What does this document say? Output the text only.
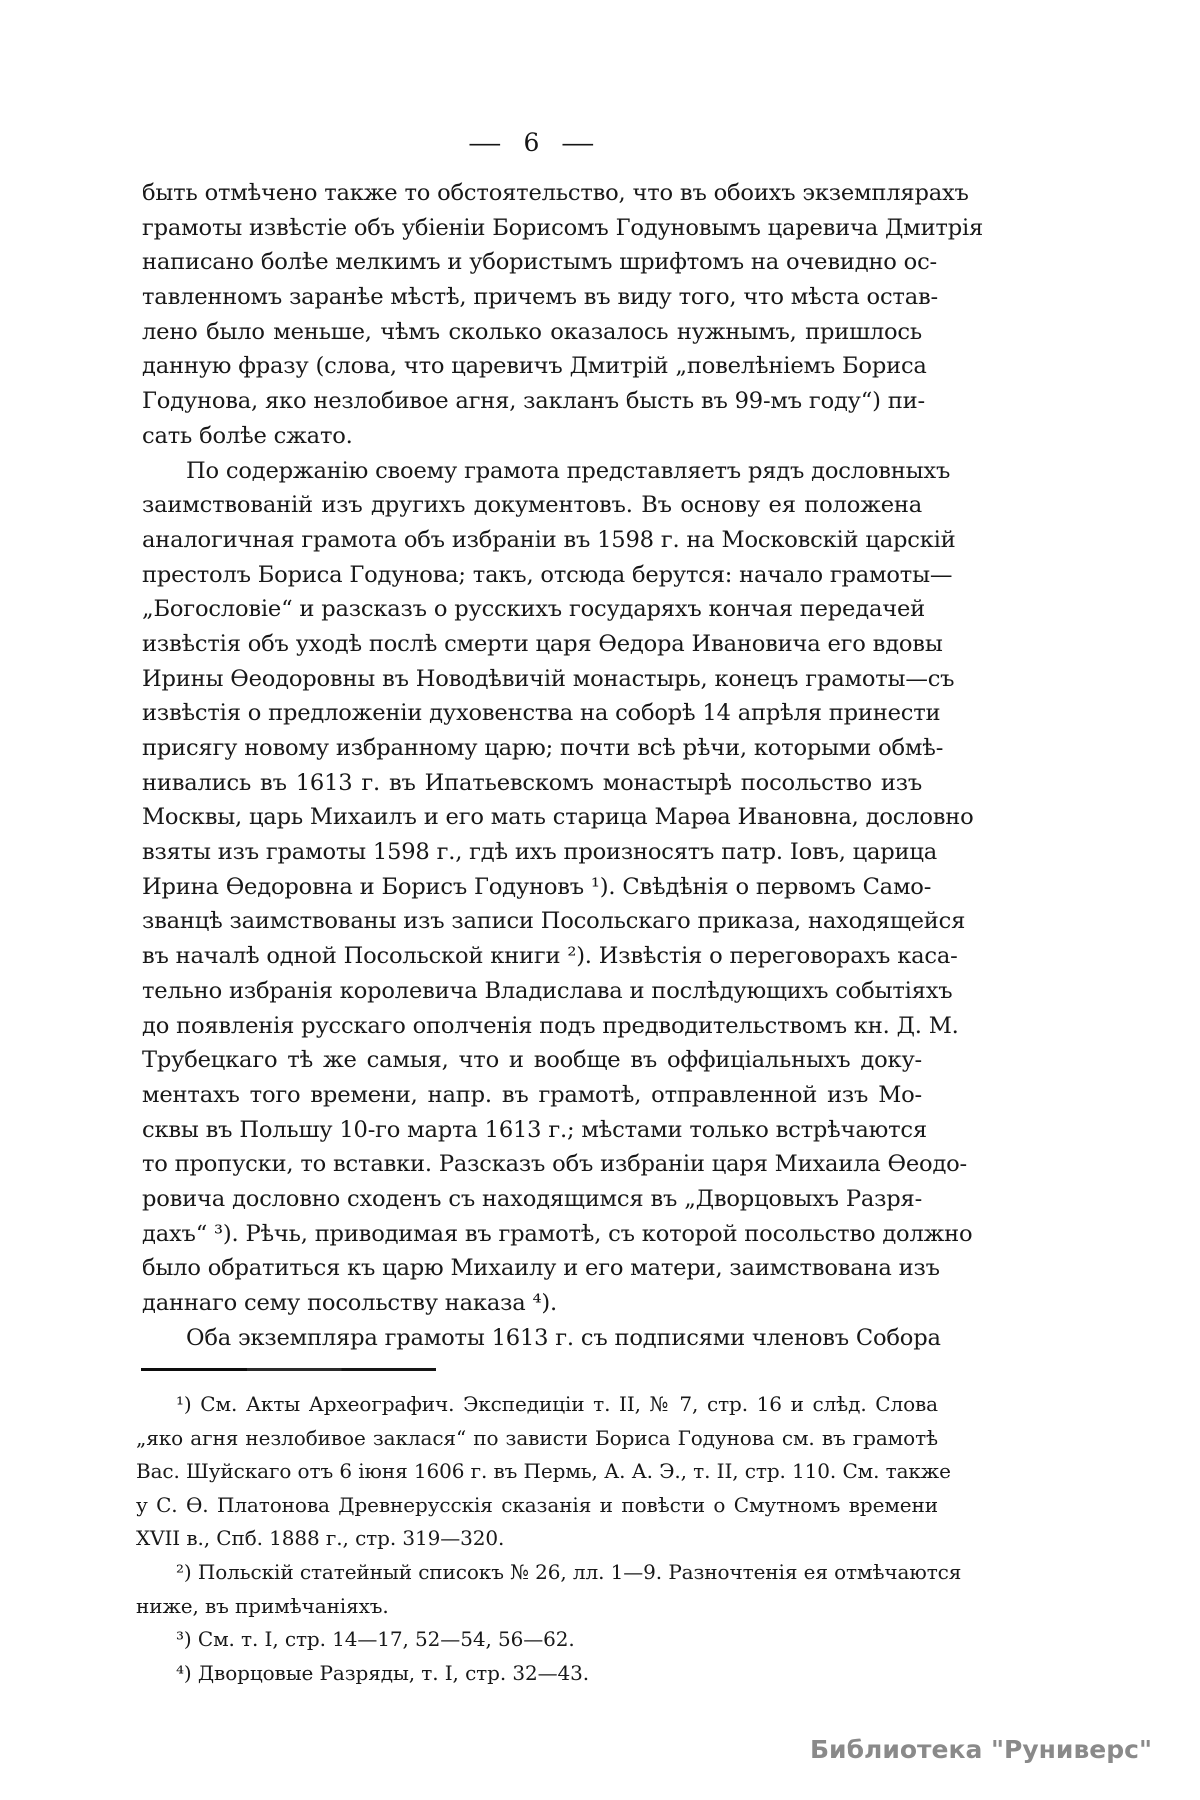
— 6 —
быть отмѣчено также то обстоятельство, что въ обоихъ экземплярахъ
грамоты извѣстіе объ убіеніи Борисомъ Годуновымъ царевича Дмитрія
написано болѣе мелкимъ и убористымъ шрифтомъ на очевидно ос-
тавленномъ заранѣе мѣстѣ, причемъ въ виду того, что мѣста остав-
лено было меньше, чѣмъ сколько оказалось нужнымъ, пришлось
данную фразу (слова, что царевичъ Дмитрій „повелѣніемъ Бориса
Годунова, яко незлобивое агня, закланъ бысть въ 99-мъ году“) пи-
сать болѣе сжато.
По содержанію своему грамота представляетъ рядъ дословныхъ
заимствованій изъ другихъ документовъ. Въ основу ея положена
аналогичная грамота объ избраніи въ 1598 г. на Московскій царскій
престолъ Бориса Годунова; такъ, отсюда берутся: начало грамоты—
„Богословіе“ и разсказъ о русскихъ государяхъ кончая передачей
извѣстія объ уходѣ послѣ смерти царя Ѳедора Ивановича его вдовы
Ирины Ѳеодоровны въ Новодѣвичій монастырь, конецъ грамоты—съ
извѣстія о предложеніи духовенства на соборѣ 14 апрѣля принести
присягу новому избранному царю; почти всѣ рѣчи, которыми обмѣ-
нивались въ 1613 г. въ Ипатьевскомъ монастырѣ посольство изъ
Москвы, царь Михаилъ и его мать старица Марѳа Ивановна, дословно
взяты изъ грамоты 1598 г., гдѣ ихъ произносятъ патр. Іовъ, царица
Ирина Ѳедоровна и Борисъ Годуновъ ¹). Свѣдѣнія о первомъ Само-
званцѣ заимствованы изъ записи Посольскаго приказа, находящейся
въ началѣ одной Посольской книги ²). Извѣстія о переговорахъ каса-
тельно избранія королевича Владислава и послѣдующихъ событіяхъ
до появленія русскаго ополченія подъ предводительствомъ кн. Д. М.
Трубецкаго тѣ же самыя, что и вообще въ оффиціальныхъ доку-
ментахъ того времени, напр. въ грамотѣ, отправленной изъ Мо-
сквы въ Польшу 10-го марта 1613 г.; мѣстами только встрѣчаются
то пропуски, то вставки. Разсказъ объ избраніи царя Михаила Ѳеодо-
ровича дословно сходенъ съ находящимся въ „Дворцовыхъ Разря-
дахъ“ ³). Рѣчь, приводимая въ грамотѣ, съ которой посольство должно
было обратиться къ царю Михаилу и его матери, заимствована изъ
даннаго сему посольству наказа ⁴).
Оба экземпляра грамоты 1613 г. съ подписями членовъ Собора
¹) См. Акты Археографич. Экспедиціи т. II, № 7, стр. 16 и слѣд. Слова
„яко агня незлобивое заклася“ по зависти Бориса Годунова см. въ грамотѣ
Вас. Шуйскаго отъ 6 іюня 1606 г. въ Пермь, А. А. Э., т. II, стр. 110. См. также
у С. Ѳ. Платонова Древнерусскія сказанія и повѣсти о Смутномъ времени
XVII в., Спб. 1888 г., стр. 319—320.
²) Польскій статейный списокъ № 26, лл. 1—9. Разночтенія ея отмѣчаются
ниже, въ примѣчаніяхъ.
³) См. т. I, стр. 14—17, 52—54, 56—62.
⁴) Дворцовые Разряды, т. I, стр. 32—43.
Библиотека "Руниверс"
